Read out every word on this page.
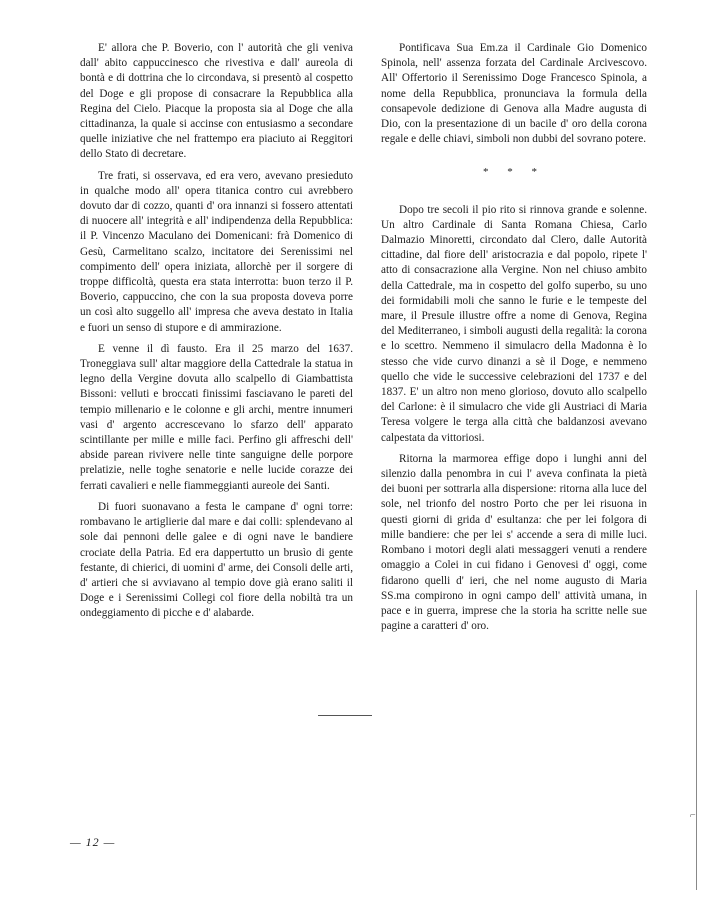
E' allora che P. Boverio, con l' autorità che gli veniva dall' abito cappuccinesco che rivestiva e dall' aureola di bontà e di dottrina che lo circondava, si presentò al cospetto del Doge e gli propose di consacrare la Repubblica alla Regina del Cielo. Piacque la proposta sia al Doge che alla cittadinanza, la quale si accinse con entusiasmo a secondare quelle iniziative che nel frattempo era piaciuto ai Reggitori dello Stato di decretare.

Tre frati, si osservava, ed era vero, avevano presieduto in qualche modo all' opera titanica contro cui avrebbero dovuto dar di cozzo, quanti d' ora innanzi si fossero attentati di nuocere all' integrità e all' indipendenza della Repubblica: il P. Vincenzo Maculano dei Domenicani: frà Domenico di Gesù, Carmelitano scalzo, incitatore dei Serenissimi nel compimento dell' opera iniziata, allorchè per il sorgere di troppe difficoltà, questa era stata interrotta: buon terzo il P. Boverio, cappuccino, che con la sua proposta doveva porre un così alto suggello all' impresa che aveva destato in Italia e fuori un senso di stupore e di ammirazione.

E venne il dì fausto. Era il 25 marzo del 1637. Troneggiava sull' altar maggiore della Cattedrale la statua in legno della Vergine dovuta allo scalpello di Giambattista Bissoni: velluti e broccati finissimi fasciavano le pareti del tempio millenario e le colonne e gli archi, mentre innumeri vasi d' argento accrescevano lo sfarzo dell' apparato scintillante per mille e mille faci. Perfino gli affreschi dell' abside parean rivivere nelle tinte sanguigne delle porpore prelatizie, nelle toghe senatorie e nelle lucide corazze dei ferrati cavalieri e nelle fiammeggianti aureole dei Santi.

Di fuori suonavano a festa le campane d' ogni torre: rombavano le artiglierie dal mare e dai colli: splendevano al sole dai pennoni delle galee e di ogni nave le bandiere crociate della Patria. Ed era dappertutto un brusìo di gente festante, di chierici, di uomini d' arme, dei Consoli delle arti, d' artieri che si avviavano al tempio dove già erano saliti il Doge e i Serenissimi Collegi col fiore della nobiltà tra un ondeggiamento di picche e d' alabarde.

Pontificava Sua Em.za il Cardinale Gio Domenico Spinola, nell' assenza forzata del Cardinale Arcivescovo. All' Offertorio il Serenissimo Doge Francesco Spinola, a nome della Repubblica, pronunciava la formula della consapevole dedizione di Genova alla Madre augusta di Dio, con la presentazione di un bacile d' oro della corona regale e delle chiavi, simboli non dubbi del sovrano potere.

* * *

Dopo tre secoli il pio rito si rinnova grande e solenne. Un altro Cardinale di Santa Romana Chiesa, Carlo Dalmazio Minoretti, circondato dal Clero, dalle Autorità cittadine, dal fiore dell' aristocrazia e dal popolo, ripete l' atto di consacrazione alla Vergine. Non nel chiuso ambito della Cattedrale, ma in cospetto del golfo superbo, su uno dei formidabili moli che sanno le furie e le tempeste del mare, il Presule illustre offre a nome di Genova, Regina del Mediterraneo, i simboli augusti della regalità: la corona e lo scettro. Nemmeno il simulacro della Madonna è lo stesso che vide curvo dinanzi a sè il Doge, e nemmeno quello che vide le successive celebrazioni del 1737 e del 1837. E' un altro non meno glorioso, dovuto allo scalpello del Carlone: è il simulacro che vide gli Austriaci di Maria Teresa volgere le terga alla città che baldanzosi avevano calpestata da vittoriosi.

Ritorna la marmorea effige dopo i lunghi anni del silenzio dalla penombra in cui l' aveva confinata la pietà dei buoni per sottrarla alla dispersione: ritorna alla luce del sole, nel trionfo del nostro Porto che per lei risuona in questi giorni di grida d' esultanza: che per lei folgora di mille bandiere: che per lei s' accende a sera di mille luci. Rombano i motori degli alati messaggeri venuti a rendere omaggio a Colei in cui fidano i Genovesi d' oggi, come fidarono quelli d' ieri, che nel nome augusto di Maria SS.ma compirono in ogni campo dell' attività umana, in pace e in guerra, imprese che la storia ha scritte nelle sue pagine a caratteri d' oro.

— 12 —
⌐
